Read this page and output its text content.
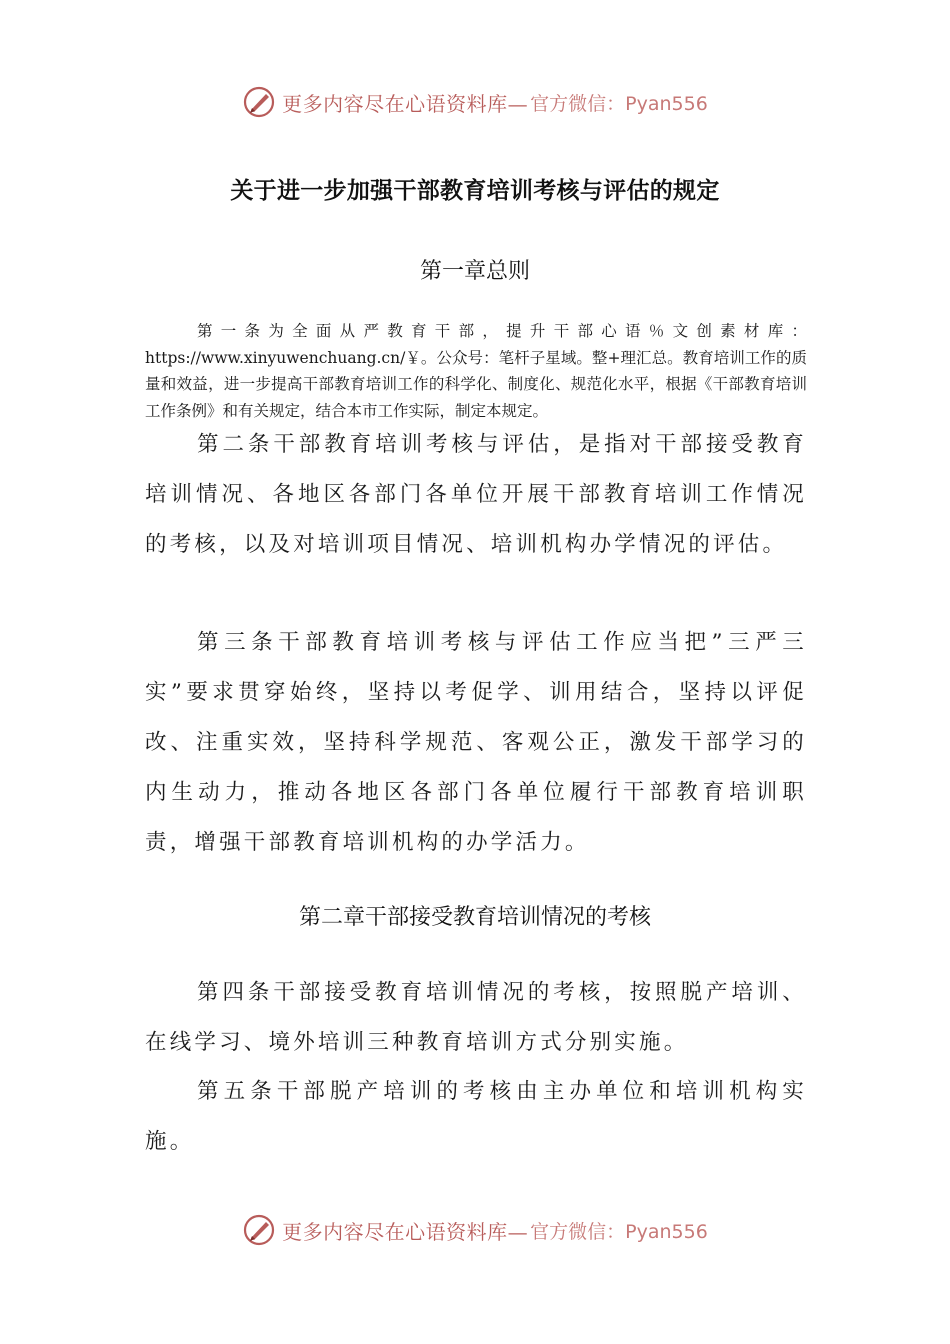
更多内容尽在心语资料库— 官方微信：Pyan556
关于进一步加强干部教育培训考核与评估的规定
第一章总则
第一条为全面从严教育干部，提升干部心语％文创素材库：https://www.xinyuwenchuang.cn/￥。公众号：笔杆子星域。整+理汇总。教育培训工作的质量和效益，进一步提高干部教育培训工作的科学化、制度化、规范化水平，根据《干部教育培训工作条例》和有关规定，结合本市工作实际，制定本规定。
第二条干部教育培训考核与评估，是指对干部接受教育培训情况、各地区各部门各单位开展干部教育培训工作情况的考核，以及对培训项目情况、培训机构办学情况的评估。
第三条干部教育培训考核与评估工作应当把”三严三实”要求贯穿始终，坚持以考促学、训用结合，坚持以评促改、注重实效，坚持科学规范、客观公正，激发干部学习的内生动力，推动各地区各部门各单位履行干部教育培训职责，增强干部教育培训机构的办学活力。
第二章干部接受教育培训情况的考核
第四条干部接受教育培训情况的考核，按照脱产培训、在线学习、境外培训三种教育培训方式分别实施。
第五条干部脱产培训的考核由主办单位和培训机构实施。
更多内容尽在心语资料库— 官方微信：Pyan556
